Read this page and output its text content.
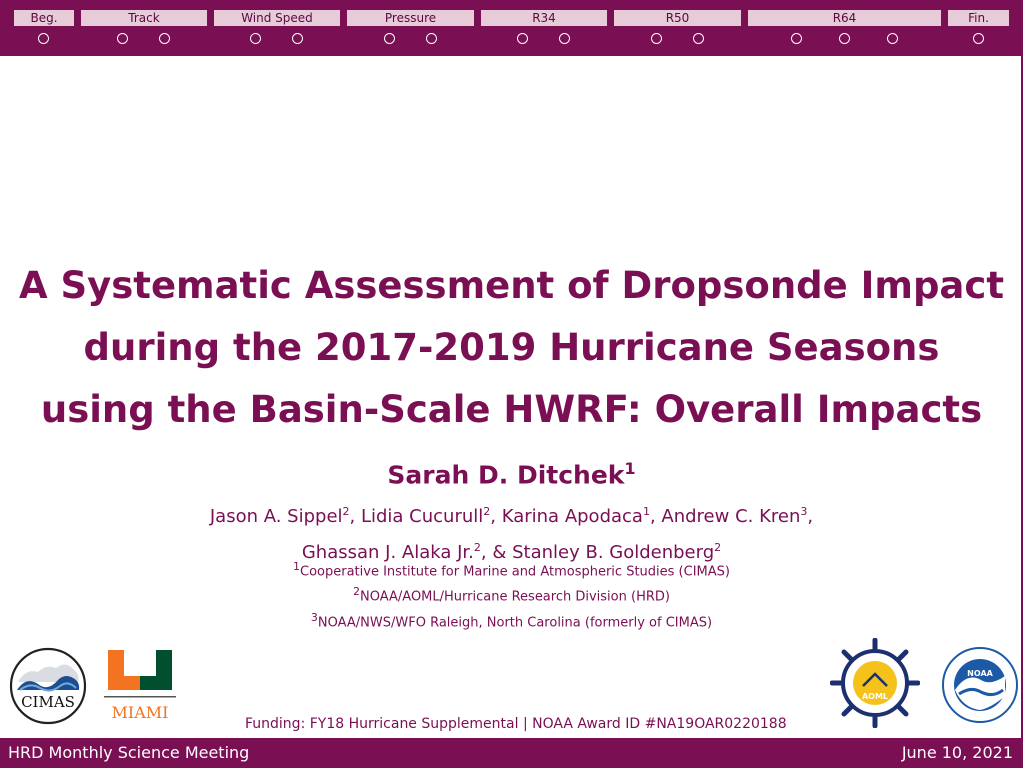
Beg.	Track	Wind Speed	Pressure	R34	R50	R64	Fin.
A Systematic Assessment of Dropsonde Impact
during the 2017-2019 Hurricane Seasons
using the Basin-Scale HWRF: Overall Impacts
Sarah D. Ditchek$^1$
Jason A. Sippel$^2$, Lidia Cucurull$^2$, Karina Apodaca$^1$, Andrew C. Kren$^3$,
Ghassan J. Alaka Jr.$^2$, & Stanley B. Goldenberg$^2$
$^1$Cooperative Institute for Marine and Atmospheric Studies (CIMAS)
$^2$NOAA/AOML/Hurricane Research Division (HRD)
$^3$NOAA/NWS/WFO Raleigh, North Carolina (formerly of CIMAS)
CIMAS
MIAMI
Funding: FY18 Hurricane Supplemental | NOAA Award ID #NA19OAR0220188
AOML
NOAA
HRD Monthly Science Meeting	June 10, 2021
